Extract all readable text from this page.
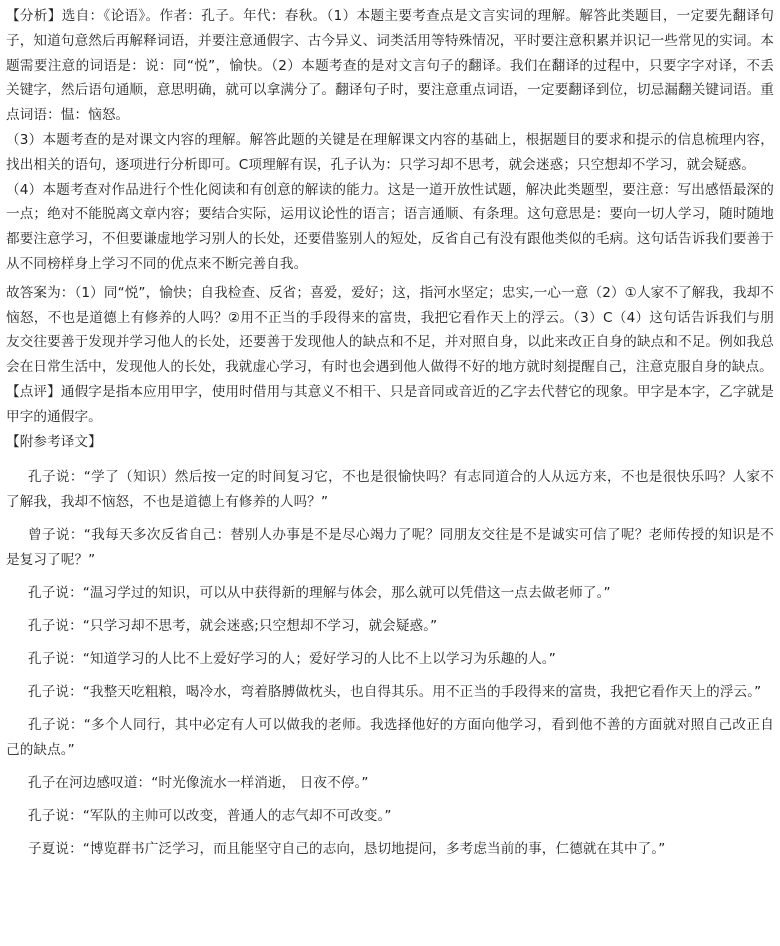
【分析】选自：《论语》。作者：孔子。年代：春秋。（1）本题主要考查点是文言实词的理解。解答此类题目，一定要先翻译句子，知道句意然后再解释词语，并要注意通假字、古今异义、词类活用等特殊情况，平时要注意积累并识记一些常见的实词。本题需要注意的词语是：说：同“悦”，愉快。（2）本题考查的是对文言句子的翻译。我们在翻译的过程中，只要字字对译，不丢关键字，然后语句通顺，意思明确，就可以拿满分了。翻译句子时，要注意重点词语，一定要翻译到位，切忌漏翻关键词语。重点词语：愠：恼怒。

（3）本题考查的是对课文内容的理解。解答此题的关键是在理解课文内容的基础上，根据题目的要求和提示的信息梳理内容，找出相关的语句，逐项进行分析即可。C项理解有误，孔子认为：只学习却不思考，就会迷惑；只空想却不学习，就会疑惑。

（4）本题考查对作品进行个性化阅读和有创意的解读的能力。这是一道开放性试题，解决此类题型，要注意：写出感悟最深的一点；绝对不能脱离文章内容；要结合实际，运用议论性的语言；语言通顺、有条理。这句意思是：要向一切人学习，随时随地都要注意学习，不但要谦虚地学习别人的长处，还要借鉴别人的短处，反省自己有没有跟他类似的毛病。这句话告诉我们要善于从不同榜样身上学习不同的优点来不断完善自我。

故答案为：（1）同“悦”，愉快；自我检查、反省；喜爱，爱好；这，指河水坚定；忠实,一心一意（2）①人家不了解我，我却不恼怒，不也是道德上有修养的人吗？②用不正当的手段得来的富贵，我把它看作天上的浮云。（3）C（4）这句话告诉我们与朋友交往要善于发现并学习他人的长处，还要善于发现他人的缺点和不足，并对照自身，以此来改正自身的缺点和不足。例如我总会在日常生活中，发现他人的长处，我就虚心学习，有时也会遇到他人做得不好的地方就时刻提醒自己，注意克服自身的缺点。

【点评】通假字是指本应用甲字，使用时借用与其意义不相干、只是音同或音近的乙字去代替它的现象。甲字是本字，乙字就是甲字的通假字。

【附参考译文】

孔子说：“学了（知识）然后按一定的时间复习它，不也是很愉快吗？有志同道合的人从远方来，不也是很快乐吗？人家不了解我，我却不恼怒，不也是道德上有修养的人吗？”

曾子说：“我每天多次反省自己：替别人办事是不是尽心竭力了呢？同朋友交往是不是诚实可信了呢？老师传授的知识是不是复习了呢？”

孔子说：“温习学过的知识，可以从中获得新的理解与体会，那么就可以凭借这一点去做老师了。”

孔子说：“只学习却不思考，就会迷惑;只空想却不学习，就会疑惑。”

孔子说：“知道学习的人比不上爱好学习的人；爱好学习的人比不上以学习为乐趣的人。”

孔子说：“我整天吃粗粮，喝冷水，弯着胳膊做枕头，也自得其乐。用不正当的手段得来的富贵，我把它看作天上的浮云。”

孔子说：“多个人同行，其中必定有人可以做我的老师。我选择他好的方面向他学习，看到他不善的方面就对照自己改正自己的缺点。”

孔子在河边感叹道：“时光像流水一样消逝， 日夜不停。”

孔子说：“军队的主帅可以改变，普通人的志气却不可改变。”

子夏说：“博览群书广泛学习，而且能坚守自己的志向，恳切地提问，多考虑当前的事，仁德就在其中了。”
